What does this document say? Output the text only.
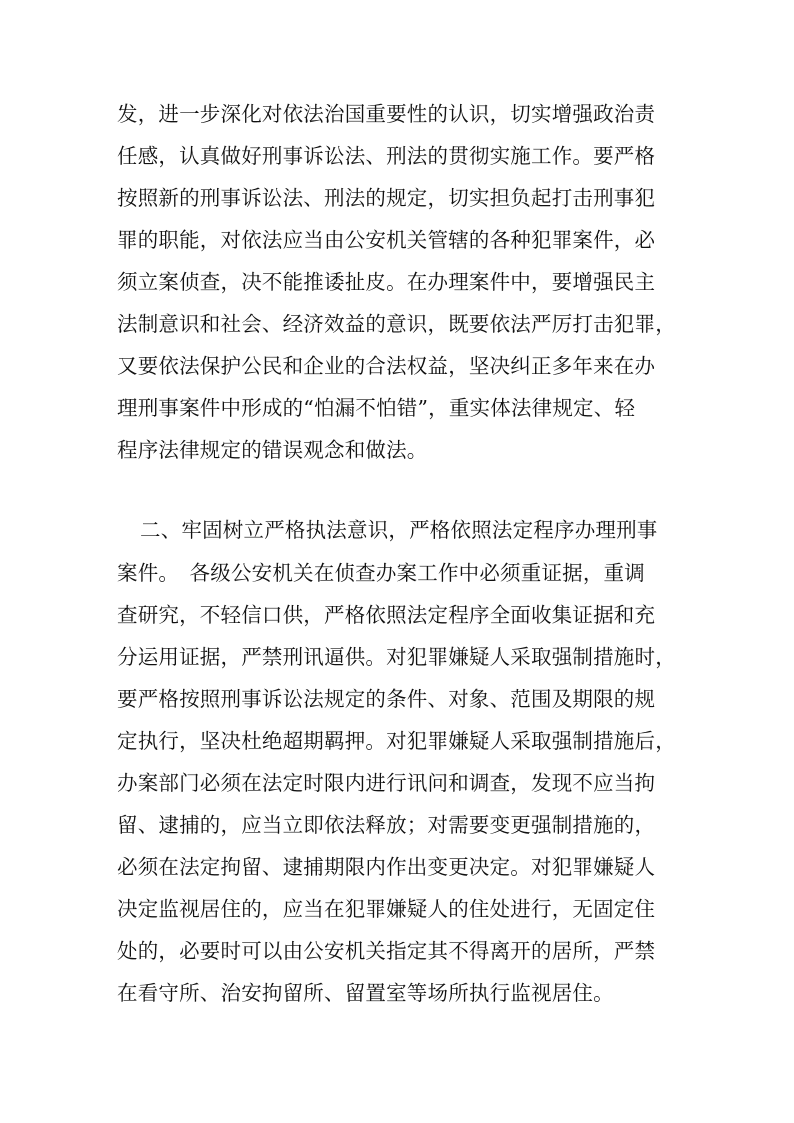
发，进一步深化对依法治国重要性的认识，切实增强政治责
任感，认真做好刑事诉讼法、刑法的贯彻实施工作。要严格
按照新的刑事诉讼法、刑法的规定，切实担负起打击刑事犯
罪的职能，对依法应当由公安机关管辖的各种犯罪案件，必
须立案侦查，决不能推诿扯皮。在办理案件中，要增强民主
法制意识和社会、经济效益的意识，既要依法严厉打击犯罪，
又要依法保护公民和企业的合法权益，坚决纠正多年来在办
理刑事案件中形成的“怕漏不怕错”，重实体法律规定、轻
程序法律规定的错误观念和做法。
二、牢固树立严格执法意识，严格依照法定程序办理刑事
案件。　各级公安机关在侦查办案工作中必须重证据，重调
查研究，不轻信口供，严格依照法定程序全面收集证据和充
分运用证据，严禁刑讯逼供。对犯罪嫌疑人采取强制措施时，
要严格按照刑事诉讼法规定的条件、对象、范围及期限的规
定执行，坚决杜绝超期羁押。对犯罪嫌疑人采取强制措施后，
办案部门必须在法定时限内进行讯问和调查，发现不应当拘
留、逮捕的，应当立即依法释放；对需要变更强制措施的，
必须在法定拘留、逮捕期限内作出变更决定。对犯罪嫌疑人
决定监视居住的，应当在犯罪嫌疑人的住处进行，无固定住
处的，必要时可以由公安机关指定其不得离开的居所，严禁
在看守所、治安拘留所、留置室等场所执行监视居住。
